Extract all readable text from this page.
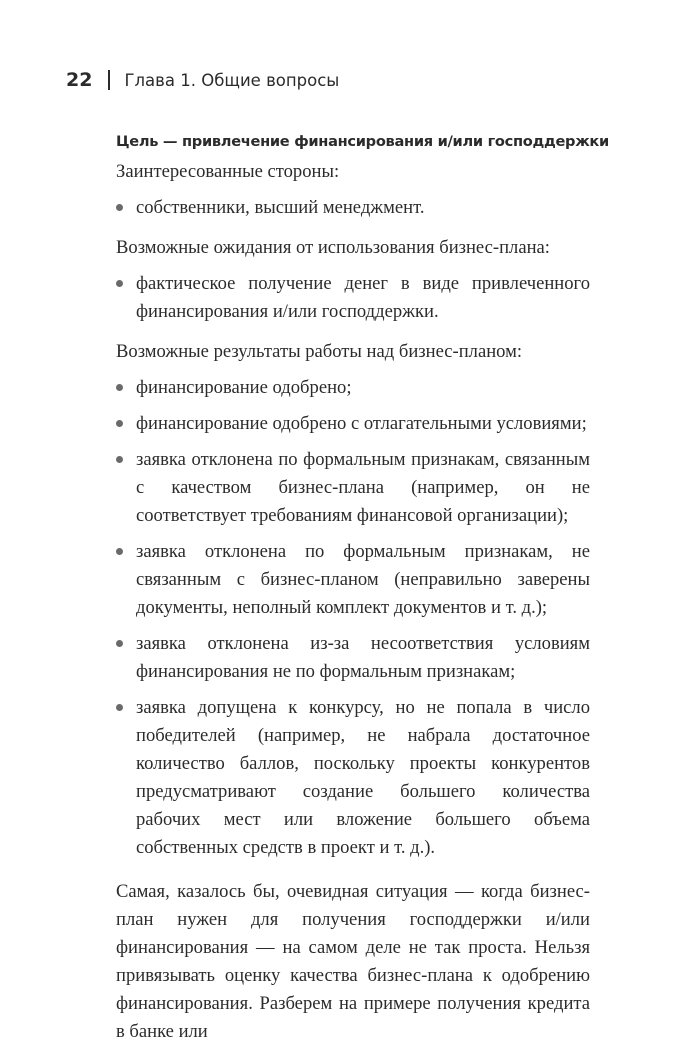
22 Глава 1. Общие вопросы
Цель — привлечение финансирования и/или господдержки

Заинтересованные стороны:

собственники, высший менеджмент.

Возможные ожидания от использования бизнес-плана:

фактическое получение денег в виде привлеченного финансирования и/или господдержки.

Возможные результаты работы над бизнес-планом:

финансирование одобрено;
финансирование одобрено с отлагательными условиями;
заявка отклонена по формальным признакам, связанным с качеством бизнес-плана (например, он не соответствует требованиям финансовой организации);
заявка отклонена по формальным признакам, не связанным с бизнес-планом (неправильно заверены документы, неполный комплект документов и т. д.);
заявка отклонена из-за несоответствия условиям финансирования не по формальным признакам;
заявка допущена к конкурсу, но не попала в число победителей (например, не набрала достаточное количество баллов, поскольку проекты конкурентов предусматривают создание большего количества рабочих мест или вложение большего объема собственных средств в проект и т. д.).

Самая, казалось бы, очевидная ситуация — когда бизнес-план нужен для получения господдержки и/или финансирования — на самом деле не так проста. Нельзя привязывать оценку качества бизнес-плана к одобрению финансирования. Разберем на примере получения кредита в банке или
